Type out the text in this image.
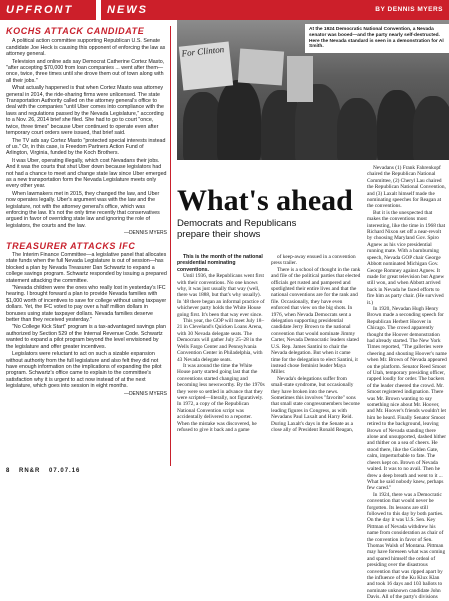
UPFRONT	NEWS	BY DENNIS MYERS
KOCHS ATTACK CANDIDATE

A political action committee supporting Republican U.S. Senate candidate Joe Heck is causing this opponent of enforcing the law as attorney general.

Television and online ads say Democrat Catherine Cortez Masto, "after accepting $70,000 from loan companies ... went after them—once, twice, three times until she drove them out of town along with all their jobs."

What actually happened is that when Cortez Masto was attorney general in 2014, the ride-sharing firms were unlicensed. The state Transportation Authority called on the attorney general's office to deal with the companies "until Uber comes into compliance with the laws and regulations passed by the Nevada Legislature," according to a Nov. 26, 2014 brief she filed. She had to go to court "once, twice, three times" because Uber continued to operate even after temporary court orders were issued, that brief said.

The TV ads say Cortez Masto "protected special interests instead of us." Or, in this case, is Freedom Partners Action Fund of Arlington, Virginia, funded by the Koch Brothers.

It was Uber, operating illegally, which cost Nevadans their jobs. And it was the courts that shut Uber down because legislators had not had a chance to meet and change state law since Uber emerged as a new transportation form the Nevada Legislature meets only every other year.

When lawmakers met in 2015, they changed the law, and Uber now operates legally. Uber's argument was with the law and the legislature, not with the attorney general's office, which was enforcing the law. It's not the only time recently that conservatives argued in favor of overriding state law and ignoring the role of legislators, the courts and the law.

—DENNIS MYERS
TREASURER ATTACKS IFC

The Interim Finance Committee—a legislative panel that allocates state funds when the full Nevada Legislature is out of session—has blocked a plan by Nevada Treasurer Dan Schwartz to expand a college savings program. Schwartz responded by issuing a prepared statement attacking the committee.

"Nevada children were the ones who really lost in yesterday's IFC hearing. I brought forward a plan to provide Nevada families with $1,000 worth of incentives to save for college without using taxpayer dollars. Yet, the IFC voted to pay over a half million dollars in bonuses using state taxpayer dollars. Nevada families deserve better than they received yesterday."

"No College Kick Start" program is a tax-advantaged savings plan authorized by Section 529 of the Internal Revenue Code. Schwartz wanted to expand a pilot program beyond the level envisioned by the legislature and offer greater incentives.

Legislators were reluctant to act on such a sizable expansion without authority from the full legislature and also felt they did not have enough information on the implications of expanding the pilot program. Schwartz's office came to explain to the committee's satisfaction why it is urgent to act now instead of at the next legislature, which goes into session in eight months.

—DENNIS MYERS
For Clinton
At the 1924 Democratic National Convention, a Nevada senator was booed—and the party nearly self-destructed. Here the Nevada standard is seen in a demonstration for Al Smith.
What's ahead
Democrats and Republicans prepare their shows

This is the month of the national presidential nominating conventions.

Until 1936, the Republicans went first with their conventions. No one knows why, it was just usually that way (well, there was 1888, but that's why usually). In '48 there began an informal practice of whichever party holds the White House going first. It's been that way ever since.

This year, the GOP will meet July 18–21 in Cleveland's Quicken Loans Arena, with 30 Nevada delegate seats. The Democrats will gather July 25–28 in the Wells Fargo Center and Pennsylvania Convention Center in Philadelphia, with 43 Nevada delegate seats.

It was around the time the White House party started going last that the conventions started changing and becoming less newsworthy. By the 1970s they were so settled in advance that they were scripted—literally, not figuratively. In 1972, a copy of the Republican National Convention script was accidentally delivered to a reporter. When the mistake was discovered, he refused to give it back and a game

of keep-away ensued in a convention press trailer.

There is a school of thought in the rank and file of the political parties that elected officials get rusted and pampered and spotlighted their entire lives and that the national conventions are for the rank and file. Occasionally, they have even enforced that view on the big shots. In 1976, when Nevada Democrats sent a delegation supporting presidential candidate Jerry Brown to the national convention that would nominate Jimmy Carter, Nevada Democratic leaders slated U.S. Rep. James Santini to chair the Nevada delegation. But when it came time for the delegation to elect Santini, it instead chose feminist leader Maya Miller.

Nevada's delegations suffer from small-state syndrome, but occasionally they have broken into the news. Sometimes this involves "favorite" sons that small state congressmembers become leading figures in Congress, as with Nevadans Paul Laxalt and Harry Reid. During Laxalt's days in the Senate as a close ally of President Ronald Reagan,

Nevadans (1) Frank Fahrenkopf chaired the Republican National Committee, (2) Cheryl Lau chaired the Republican National Convention, and (3) Laxalt himself made the nominating speeches for Reagan at the conventions.

But it is the unexpected that makes the conventions most interesting, like the time in 1968 that Richard Nixon set off a near-revolt by choosing Maryland Gov. Spiro Agnew as his vice presidential running mate. With a barnburning speech, Nevada GOP chair George Abbott nominated Michigan Gov. George Romney against Agnew. It made for great television but Agnew still won, and when Abbott arrived back in Nevada he faced efforts to fire him as party chair. (He survived it.)

In 1920, Nevadan Hugh Henry Brown made a seconding speech for Republican Herbert Hoover in Chicago. The crowd apparently thought the Hoover demonstration had already started. The New York Times reported, "The galleries were cheering and shouting Hoover's name when Mr. Brown of Nevada appeared on the platform. Senator Reed Smoot of Utah, temporary presiding officer, rapped loudly for order. The backers of the leader cheered the crowd. Mr. Smoot registered indignation. There was Mr. Brown wanting to say something nice about Mr. Hoover, and Mr. Hoover's friends wouldn't let him be heard. Finally Senator Smoot retired to the background, leaving Brown of Nevada standing there alone and unsupported, dashed hither and thither on a sea of cheers. He stood there, like the Golden Gate, calm, imperturbable to fate. The cheers kept on. Brown of Nevada waited. It was to no avail. Then he drew a deep breath and went to it ... What he said nobody knew, perhaps few cared."

In 1924, there was a Democratic convention that would never be forgotten. Its lessons are still followed to this day by both parties. On the day it was U.S. Sen. Key Pittman of Nevada withdrew his name from consideration as chair of the convention in favor of Sen. Thomas Walsh of Montana. Pittman may have foreseen what was coming and spared himself the ordeal of presiding over the disastrous convention that was ripped apart by the influence of the Ku Klux Klan and took 16 days and 103 ballots to nominate unknown candidate John Davis. All of the party's divisions

8 RN&R 07.07.16
